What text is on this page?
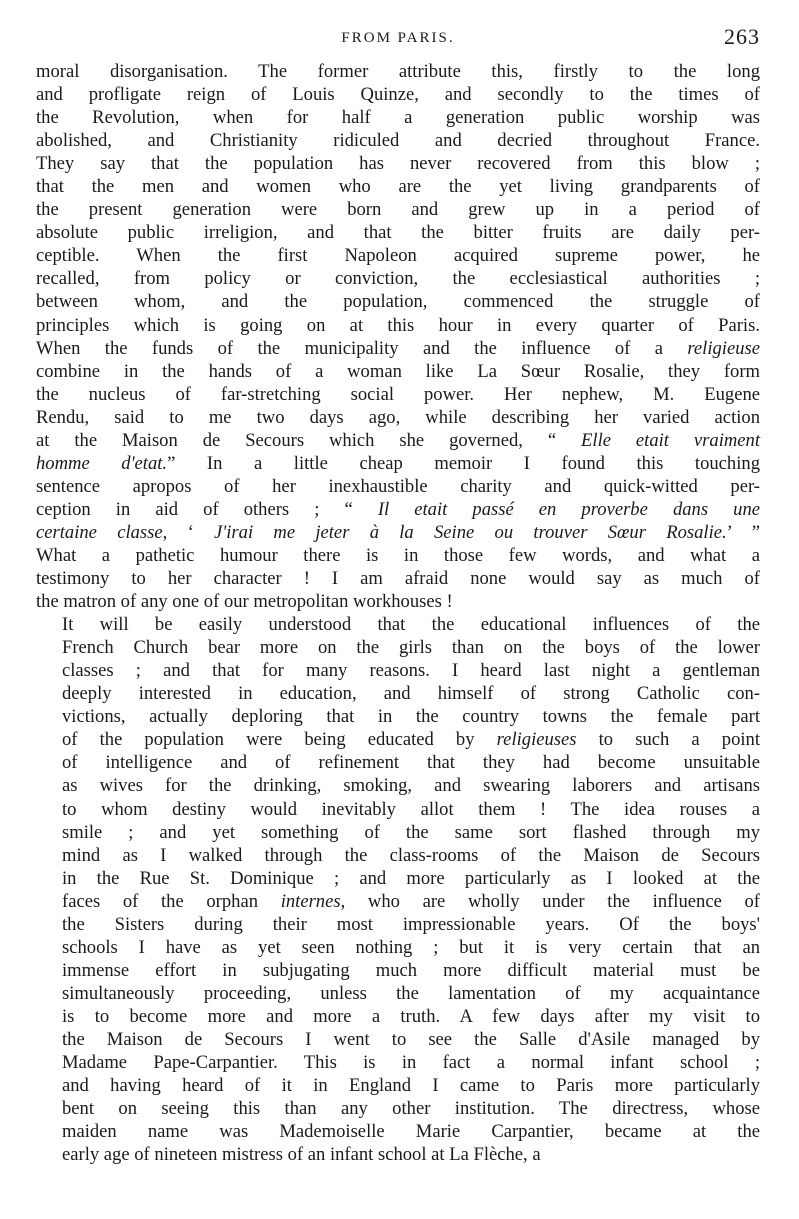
FROM PARIS.	263

moral disorganisation. The former attribute this, firstly to the long
and profligate reign of Louis Quinze, and secondly to the times of
the Revolution, when for half a generation public worship was
abolished, and Christianity ridiculed and decried throughout France.
They say that the population has never recovered from this blow ;
that the men and women who are the yet living grandparents of
the present generation were born and grew up in a period of
absolute public irreligion, and that the bitter fruits are daily per-
ceptible. When the first Napoleon acquired supreme power, he
recalled, from policy or conviction, the ecclesiastical authorities ;
between whom, and the population, commenced the struggle of
principles which is going on at this hour in every quarter of Paris.
When the funds of the municipality and the influence of a religieuse
combine in the hands of a woman like La Sœur Rosalie, they form
the nucleus of far-stretching social power. Her nephew, M. Eugene
Rendu, said to me two days ago, while describing her varied action
at the Maison de Secours which she governed, “ Elle etait vraiment
homme d'etat.” In a little cheap memoir I found this touching
sentence apropos of her inexhaustible charity and quick-witted per-
ception in aid of others ; “ Il etait passé en proverbe dans une
certaine classe, ‘ J'irai me jeter à la Seine ou trouver Sœur Rosalie.’ ”
What a pathetic humour there is in those few words, and what a
testimony to her character ! I am afraid none would say as much of
the matron of any one of our metropolitan workhouses !

It will be easily understood that the educational influences of the
French Church bear more on the girls than on the boys of the lower
classes ; and that for many reasons. I heard last night a gentleman
deeply interested in education, and himself of strong Catholic con-
victions, actually deploring that in the country towns the female part
of the population were being educated by religieuses to such a point
of intelligence and of refinement that they had become unsuitable
as wives for the drinking, smoking, and swearing laborers and artisans
to whom destiny would inevitably allot them ! The idea rouses a
smile ; and yet something of the same sort flashed through my
mind as I walked through the class-rooms of the Maison de Secours
in the Rue St. Dominique ; and more particularly as I looked at the
faces of the orphan internes, who are wholly under the influence of
the Sisters during their most impressionable years. Of the boys'
schools I have as yet seen nothing ; but it is very certain that an
immense effort in subjugating much more difficult material must be
simultaneously proceeding, unless the lamentation of my acquaintance
is to become more and more a truth. A few days after my visit to
the Maison de Secours I went to see the Salle d'Asile managed by
Madame Pape-Carpantier. This is in fact a normal infant school ;
and having heard of it in England I came to Paris more particularly
bent on seeing this than any other institution. The directress, whose
maiden name was Mademoiselle Marie Carpantier, became at the
early age of nineteen mistress of an infant school at La Flèche, a
